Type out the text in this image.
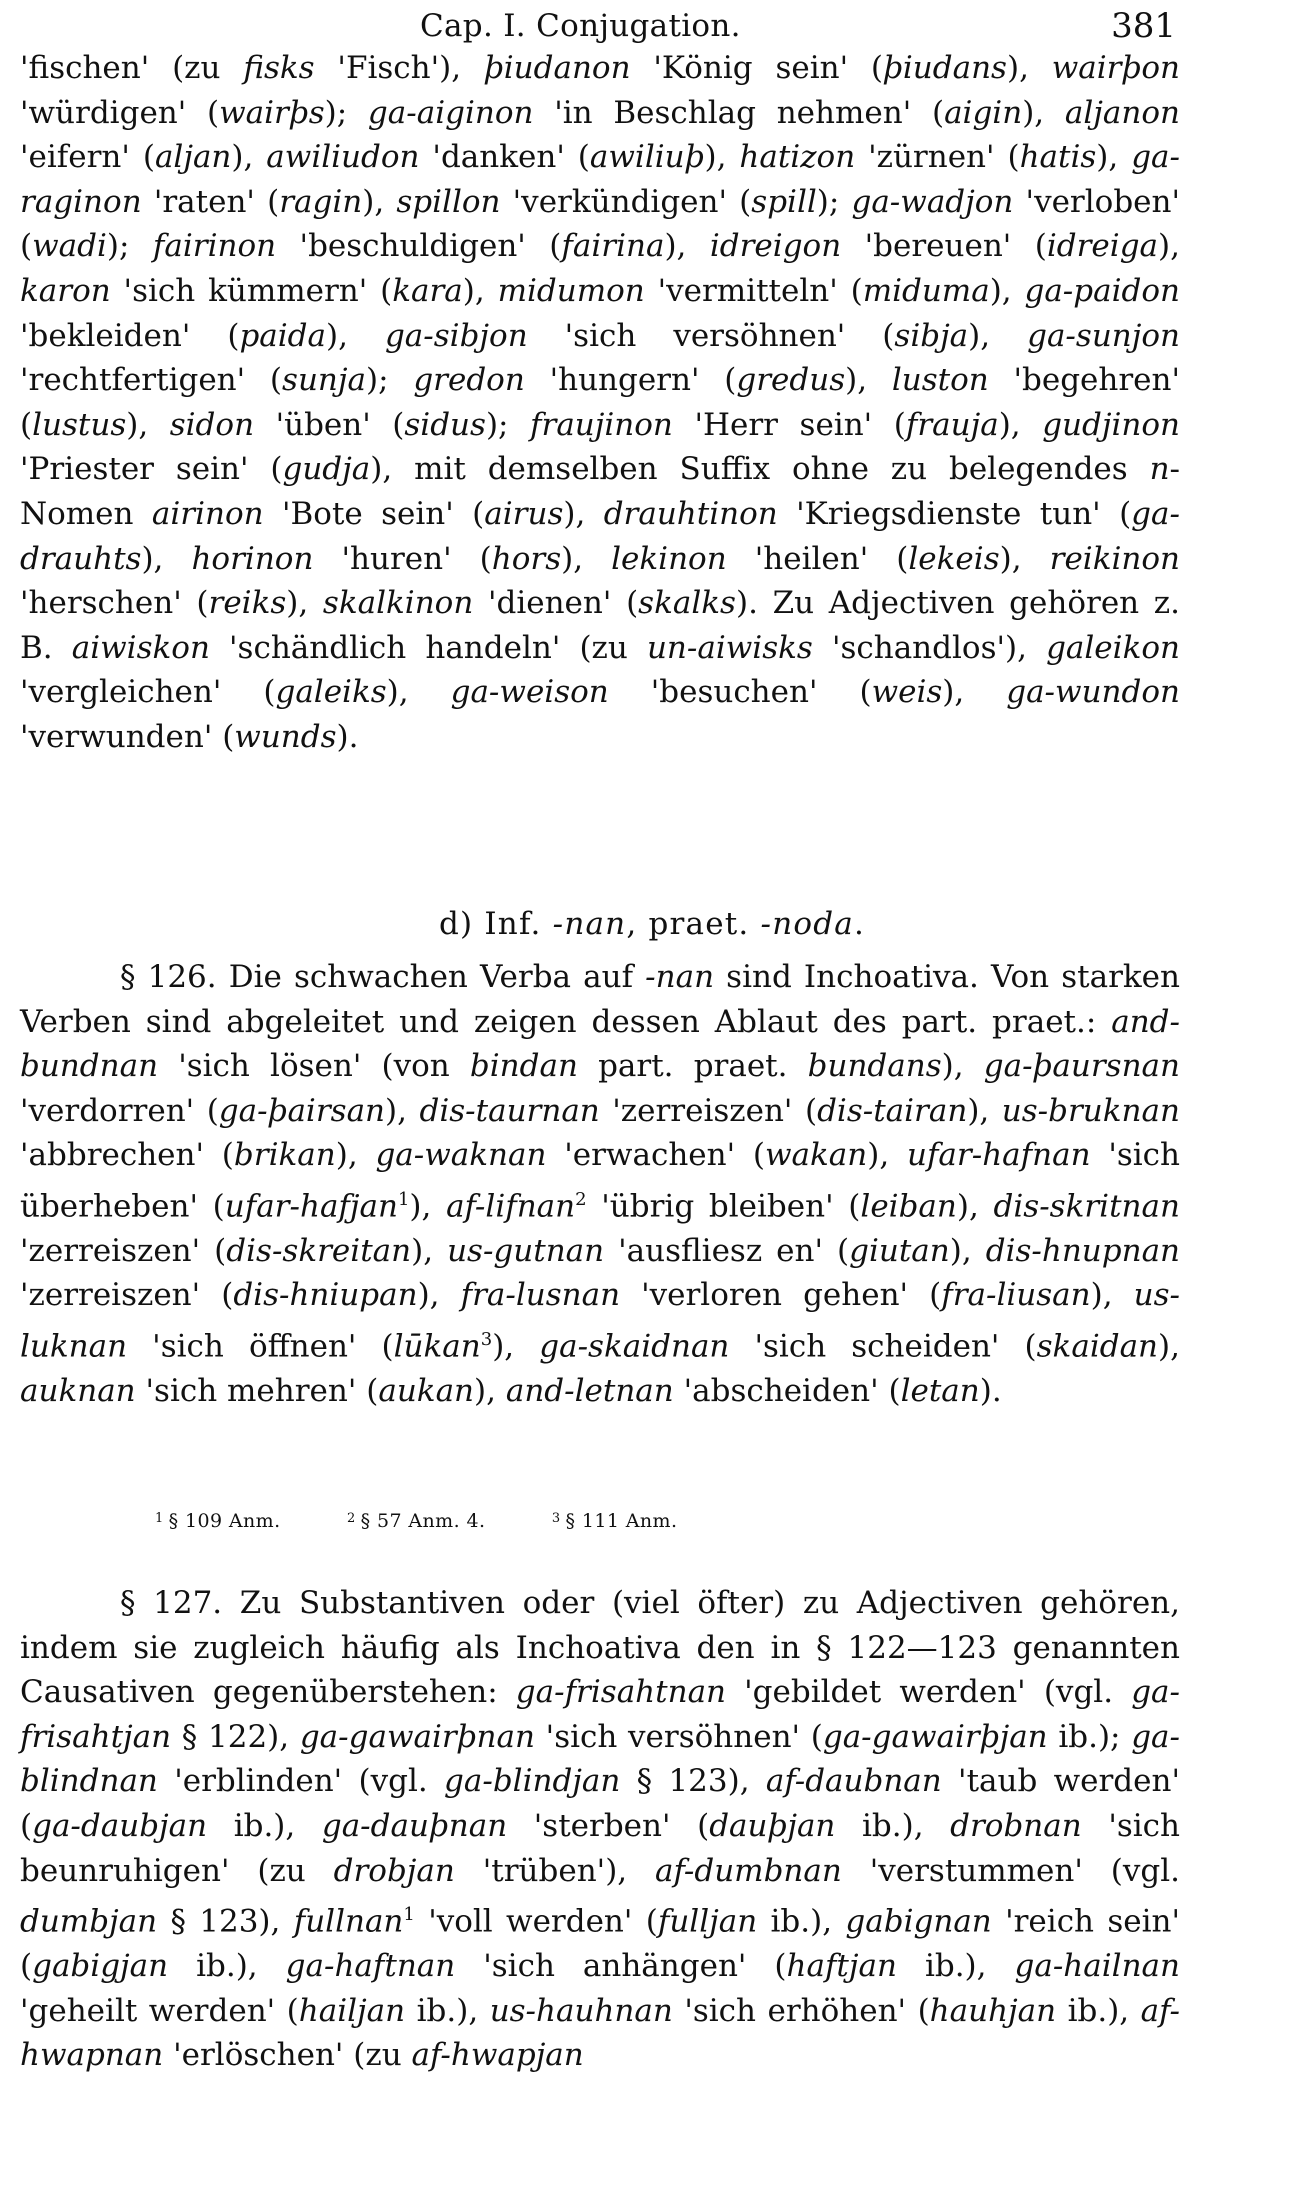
Cap. I. Conjugation.	381
'fischen' (zu fisks 'Fisch'), þiudanon 'König sein' (þiudans), wairþon 'würdigen' (wairþs); ga-aiginon 'in Beschlag nehmen' (aigin), aljanon 'eifern' (aljan), awiliudon 'danken' (awiliuþ), hatizon 'zürnen' (hatis), ga-raginon 'raten' (ragin), spillon 'verkündigen' (spill); ga-wadjon 'verloben' (wadi); fairinon 'beschuldigen' (fairina), idreigon 'bereuen' (idreiga), karon 'sich kümmern' (kara), midumon 'vermitteln' (miduma), ga-paidon 'bekleiden' (paida), ga-sibjon 'sich versöhnen' (sibja), ga-sunjon 'rechtfertigen' (sunja); gredon 'hungern' (gredus), luston 'begehren' (lustus), sidon 'üben' (sidus); fraujinon 'Herr sein' (frauja), gudjinon 'Priester sein' (gudja), mit demselben Suffix ohne zu belegendes n-Nomen airinon 'Bote sein' (airus), drauhtinon 'Kriegsdienste tun' (ga-drauhts), horinon 'huren' (hors), lekinon 'heilen' (lekeis), reikinon 'herschen' (reiks), skalkinon 'dienen' (skalks). Zu Adjectiven gehören z. B. aiwiskon 'schändlich handeln' (zu un-aiwisks 'schandlos'), galeikon 'vergleichen' (galeiks), ga-weison 'besuchen' (weis), ga-wundon 'verwunden' (wunds).
d) Inf. -nan, praet. -noda.
§ 126. Die schwachen Verba auf -nan sind Inchoativa. Von starken Verben sind abgeleitet und zeigen dessen Ablaut des part. praet.: and-bundnan 'sich lösen' (von bindan part. praet. bundans), ga-þaursnan 'verdorren' (ga-þairsan), dis-taurnan 'zerreiszen' (dis-tairan), us-bruknan 'abbrechen' (brikan), ga-waknan 'erwachen' (wakan), ufar-hafnan 'sich überheben' (ufar-hafjan$^1$), af-lifnan$^2$ 'übrig bleiben' (leiban), dis-skritnan 'zerreiszen' (dis-skreitan), us-gutnan 'ausfliesz en' (giutan), dis-hnupnan 'zerreiszen' (dis-hniupan), fra-lusnan 'verloren gehen' (fra-liusan), us-luknan 'sich öffnen' (lūkan$^3$), ga-skaidnan 'sich scheiden' (skaidan), auknan 'sich mehren' (aukan), and-letnan 'abscheiden' (letan).
$^1$ § 109 Anm.	$^2$ § 57 Anm. 4.	$^3$ § 111 Anm.
§ 127. Zu Substantiven oder (viel öfter) zu Adjectiven gehören, indem sie zugleich häufig als Inchoativa den in § 122—123 genannten Causativen gegenüberstehen: ga-frisahtnan 'gebildet werden' (vgl. ga-frisahtjan § 122), ga-gawairþnan 'sich versöhnen' (ga-gawairþjan ib.); ga-blindnan 'erblinden' (vgl. ga-blindjan § 123), af-daubnan 'taub werden' (ga-daubjan ib.), ga-dauþnan 'sterben' (dauþjan ib.), drobnan 'sich beunruhigen' (zu drobjan 'trüben'), af-dumbnan 'verstummen' (vgl. dumbjan § 123), fullnan$^1$ 'voll werden' (fulljan ib.), gabignan 'reich sein' (gabigjan ib.), ga-haftnan 'sich anhängen' (haftjan ib.), ga-hailnan 'geheilt werden' (hailjan ib.), us-hauhnan 'sich erhöhen' (hauhjan ib.), af-hwapnan 'erlöschen' (zu af-hwapjan
